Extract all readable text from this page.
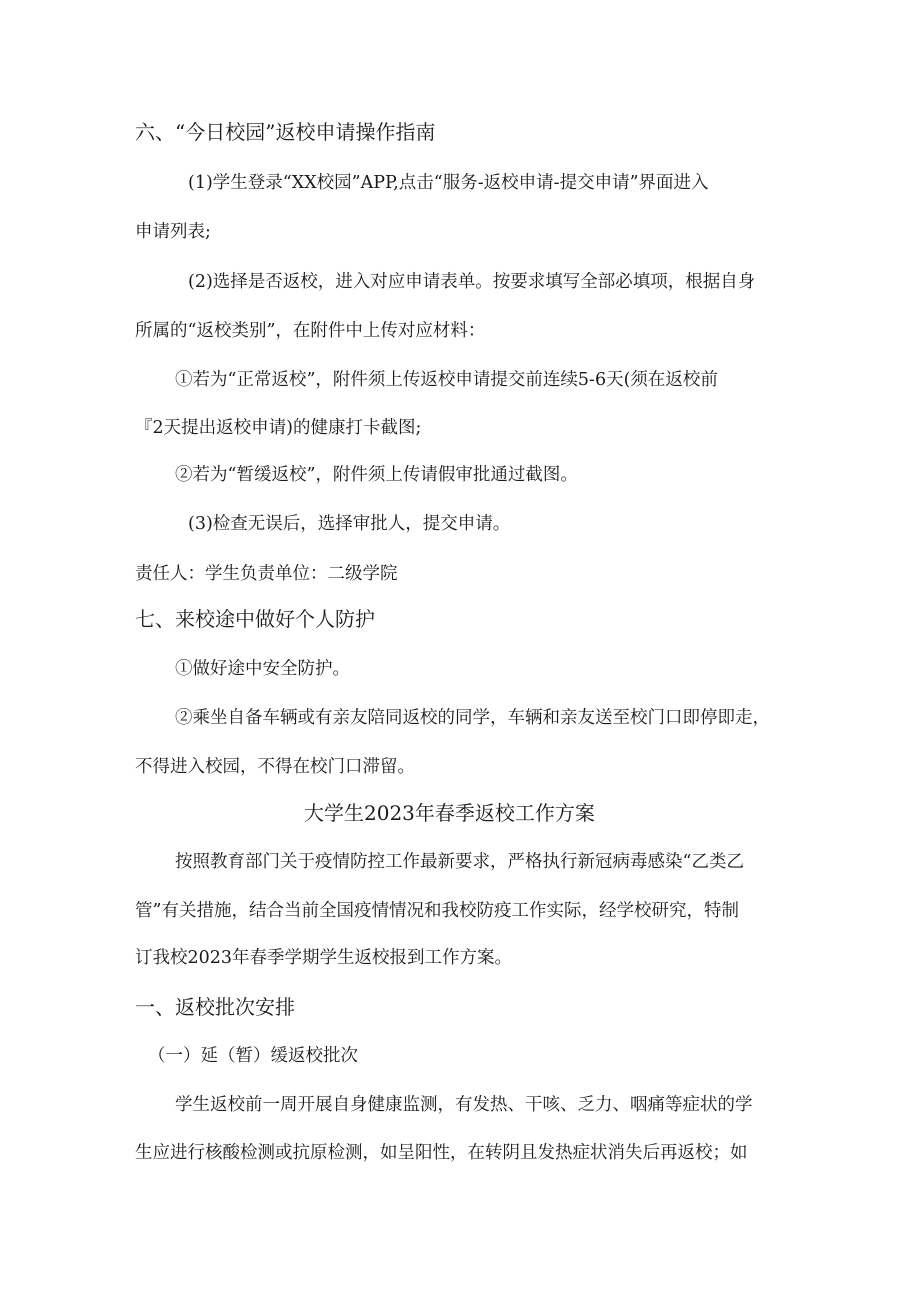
六、“今日校园”返校申请操作指南
(1)学生登录“XX校园”APP,点击“服务-返校申请-提交申请”界面进入
申请列表;
(2)选择是否返校，进入对应申请表单。按要求填写全部必填项，根据自身
所属的“返校类别”，在附件中上传对应材料：
①若为“正常返校”，附件须上传返校申请提交前连续5-6天(须在返校前
『2天提出返校申请)的健康打卡截图;
②若为“暂缓返校”，附件须上传请假审批通过截图。
(3)检查无误后，选择审批人，提交申请。
责任人：学生负责单位：二级学院
七、来校途中做好个人防护
①做好途中安全防护。
②乘坐自备车辆或有亲友陪同返校的同学，车辆和亲友送至校门口即停即走，
不得进入校园，不得在校门口滞留。
大学生2023年春季返校工作方案
按照教育部门关于疫情防控工作最新要求，严格执行新冠病毒感染“乙类乙
管”有关措施，结合当前全国疫情情况和我校防疫工作实际，经学校研究，特制
订我校2023年春季学期学生返校报到工作方案。
一、返校批次安排
（一）延（暂）缓返校批次
学生返校前一周开展自身健康监测，有发热、干咳、乏力、咽痛等症状的学
生应进行核酸检测或抗原检测，如呈阳性，在转阴且发热症状消失后再返校；如
